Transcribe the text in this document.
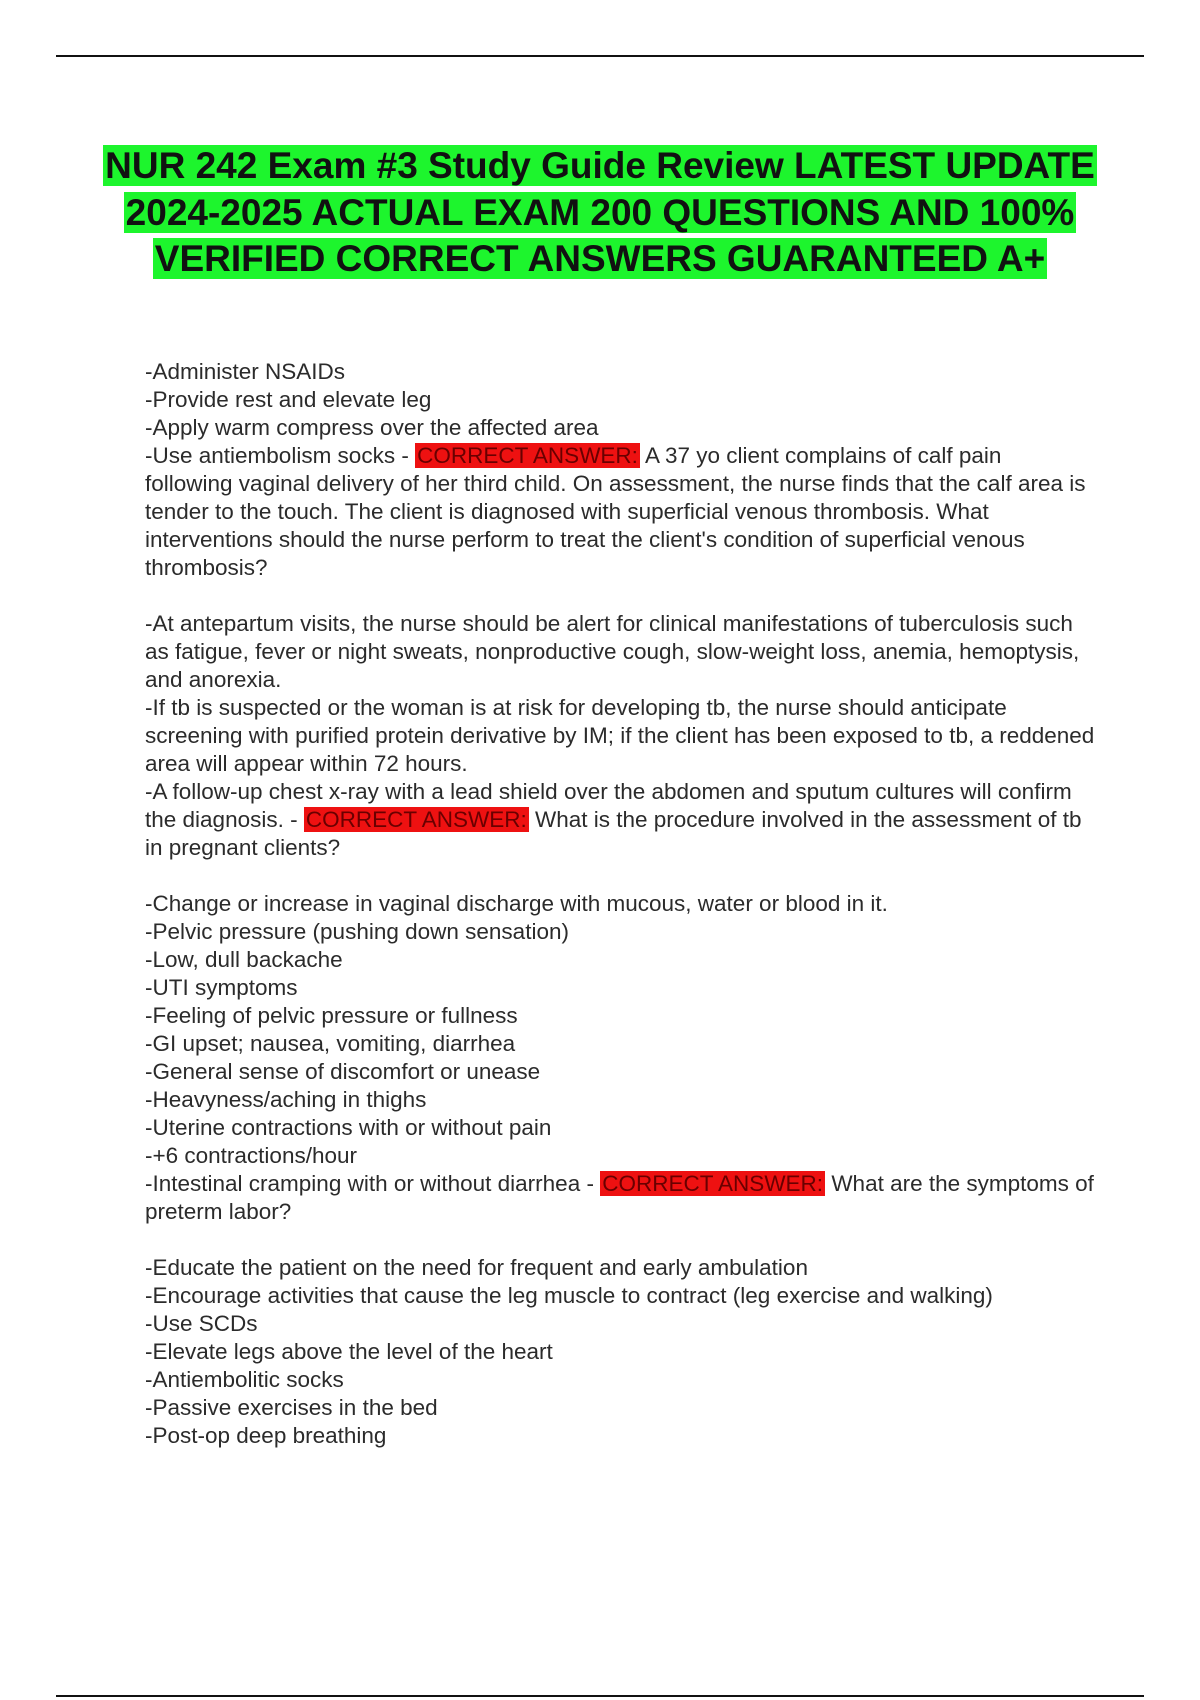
NUR 242 Exam #3 Study Guide Review LATEST UPDATE 2024-2025 ACTUAL EXAM 200 QUESTIONS AND 100% VERIFIED CORRECT ANSWERS GUARANTEED A+
-Administer NSAIDs
-Provide rest and elevate leg
-Apply warm compress over the affected area
-Use antiembolism socks - CORRECT ANSWER: A 37 yo client complains of calf pain following vaginal delivery of her third child. On assessment, the nurse finds that the calf area is tender to the touch. The client is diagnosed with superficial venous thrombosis. What interventions should the nurse perform to treat the client's condition of superficial venous thrombosis?
-At antepartum visits, the nurse should be alert for clinical manifestations of tuberculosis such as fatigue, fever or night sweats, nonproductive cough, slow-weight loss, anemia, hemoptysis, and anorexia.
-If tb is suspected or the woman is at risk for developing tb, the nurse should anticipate screening with purified protein derivative by IM; if the client has been exposed to tb, a reddened area will appear within 72 hours.
-A follow-up chest x-ray with a lead shield over the abdomen and sputum cultures will confirm the diagnosis. - CORRECT ANSWER: What is the procedure involved in the assessment of tb in pregnant clients?
-Change or increase in vaginal discharge with mucous, water or blood in it.
-Pelvic pressure (pushing down sensation)
-Low, dull backache
-UTI symptoms
-Feeling of pelvic pressure or fullness
-GI upset; nausea, vomiting, diarrhea
-General sense of discomfort or unease
-Heavyness/aching in thighs
-Uterine contractions with or without pain
-+6 contractions/hour
-Intestinal cramping with or without diarrhea - CORRECT ANSWER: What are the symptoms of preterm labor?
-Educate the patient on the need for frequent and early ambulation
-Encourage activities that cause the leg muscle to contract (leg exercise and walking)
-Use SCDs
-Elevate legs above the level of the heart
-Antiembolitic socks
-Passive exercises in the bed
-Post-op deep breathing
